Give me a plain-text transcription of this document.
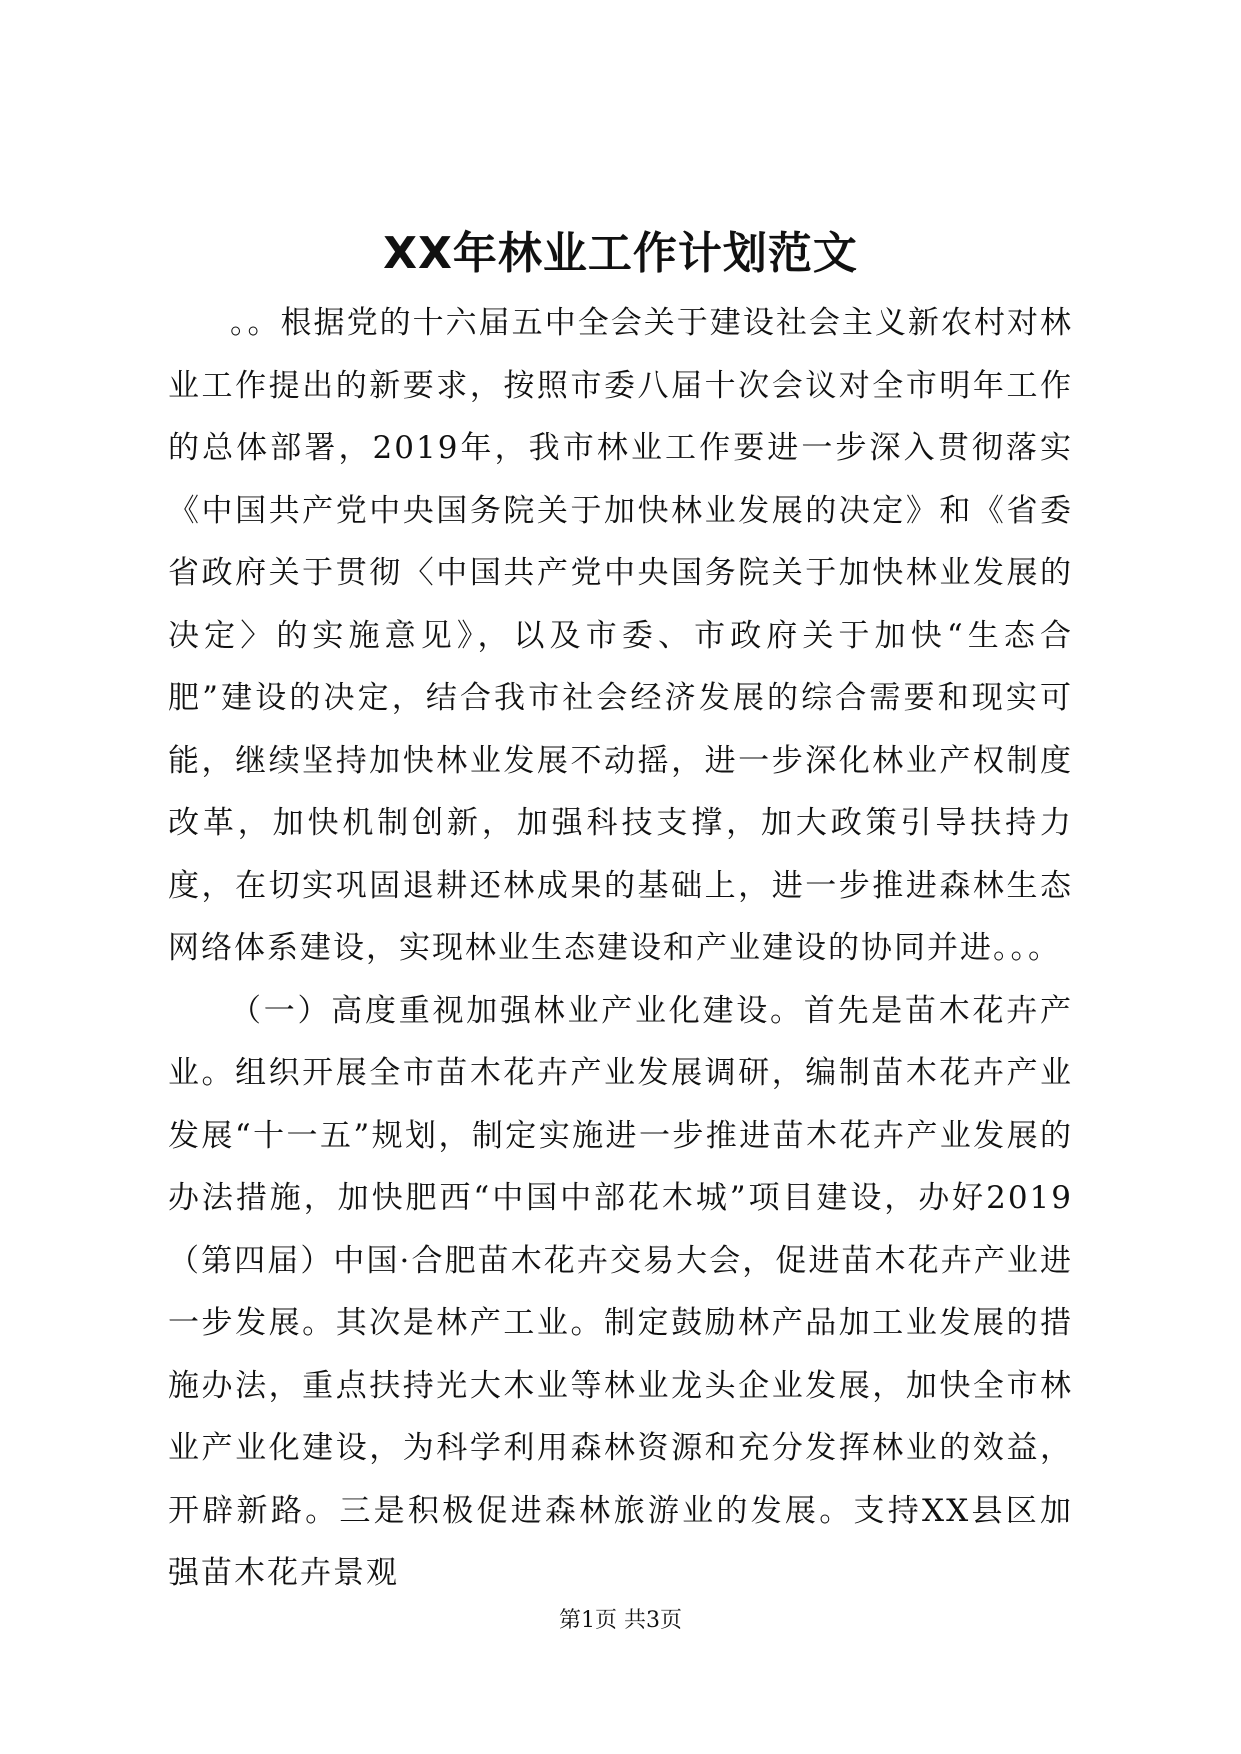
XX年林业工作计划范文

。。根据党的十六届五中全会关于建设社会主义新农村对林业工作提出的新要求，按照市委八届十次会议对全市明年工作的总体部署，2019年，我市林业工作要进一步深入贯彻落实《中国共产党中央国务院关于加快林业发展的决定》和《省委省政府关于贯彻〈中国共产党中央国务院关于加快林业发展的决定〉的实施意见》，以及市委、市政府关于加快“生态合肥”建设的决定，结合我市社会经济发展的综合需要和现实可能，继续坚持加快林业发展不动摇，进一步深化林业产权制度改革，加快机制创新，加强科技支撑，加大政策引导扶持力度，在切实巩固退耕还林成果的基础上，进一步推进森林生态网络体系建设，实现林业生态建设和产业建设的协同并进。。。

（一）高度重视加强林业产业化建设。首先是苗木花卉产业。组织开展全市苗木花卉产业发展调研，编制苗木花卉产业发展“十一五”规划，制定实施进一步推进苗木花卉产业发展的办法措施，加快肥西“中国中部花木城”项目建设，办好2019（第四届）中国·合肥苗木花卉交易大会，促进苗木花卉产业进一步发展。其次是林产工业。制定鼓励林产品加工业发展的措施办法，重点扶持光大木业等林业龙头企业发展，加快全市林业产业化建设，为科学利用森林资源和充分发挥林业的效益，开辟新路。三是积极促进森林旅游业的发展。支持XX县区加强苗木花卉景观

第1页 共3页
